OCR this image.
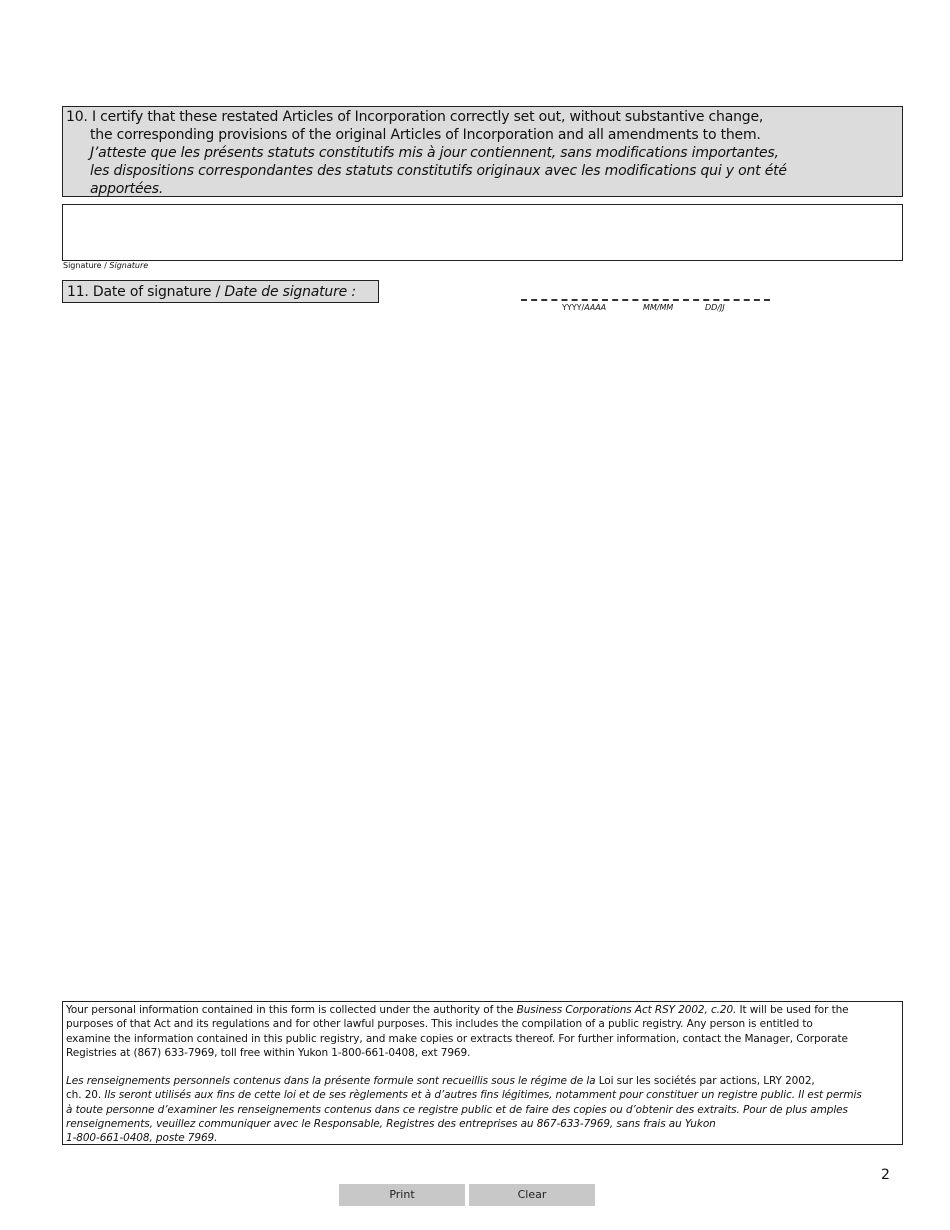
10. I certify that these restated Articles of Incorporation correctly set out, without substantive change,

the corresponding provisions of the original Articles of Incorporation and all amendments to them.

J’atteste que les présents statuts constitutifs mis à jour contiennent, sans modifications importantes,

les dispositions correspondantes des statuts constitutifs originaux avec les modifications qui y ont été

apportées.

Signature / Signature
11. Date of signature / Date de signature :
YYYY/AAAA	MM/MM	DD/JJ

Your personal information contained in this form is collected under the authority of the Business Corporations Act RSY 2002, c.20. It will be used for the

purposes of that Act and its regulations and for other lawful purposes. This includes the compilation of a public registry. Any person is entitled to

examine the information contained in this public registry, and make copies or extracts thereof. For further information, contact the Manager, Corporate

Registries at (867) 633-7969, toll free within Yukon 1-800-661-0408, ext 7969.

Les renseignements personnels contenus dans la présente formule sont recueillis sous le régime de la Loi sur les sociétés par actions, LRY 2002,

ch. 20. Ils seront utilisés aux fins de cette loi et de ses règlements et à d’autres fins légitimes, notamment pour constituer un registre public. Il est permis

à toute personne d’examiner les renseignements contenus dans ce registre public et de faire des copies ou d’obtenir des extraits. Pour de plus amples

renseignements, veuillez communiquer avec le Responsable, Registres des entreprises au 867-633-7969, sans frais au Yukon

1-800-661-0408, poste 7969.

2
Print	Clear
